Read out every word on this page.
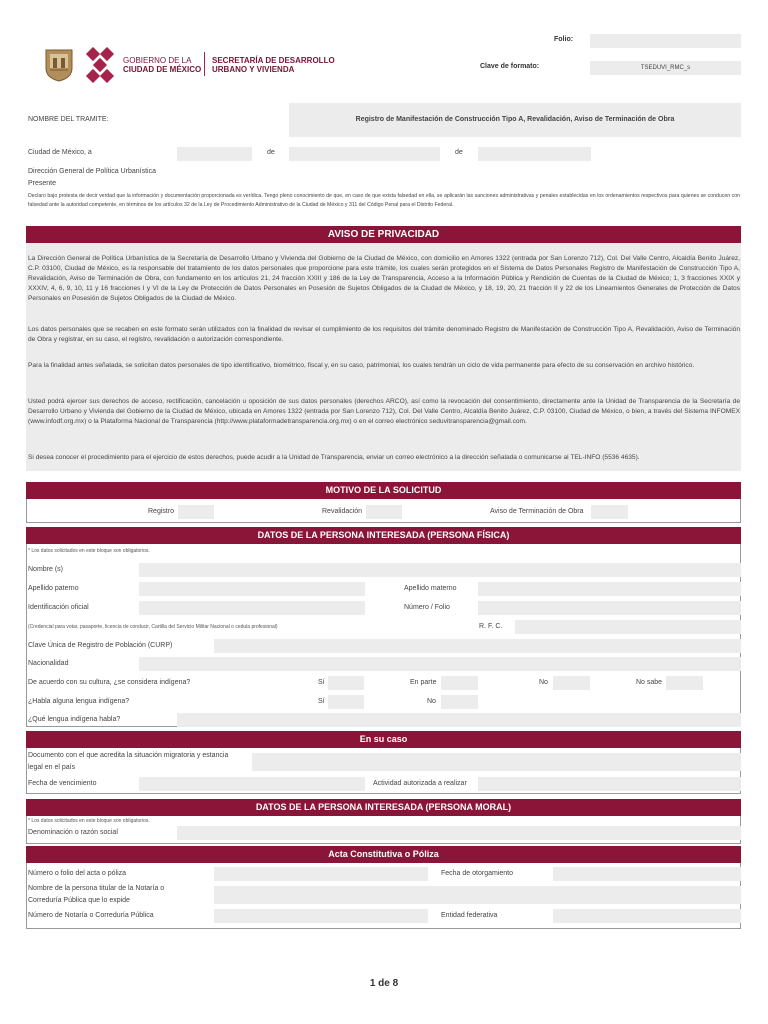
GOBIERNO DE LA
CIUDAD DE MÉXICO
SECRETARÍA DE DESARROLLO
URBANO Y VIVIENDA
Folio:
Clave de formato:	TSEDUVI_RMC_s
NOMBRE DEL TRAMITE:	Registro de Manifestación de Construcción Tipo A, Revalidación, Aviso de Terminación de Obra
Ciudad de México, a	de	de
Dirección General de Política Urbanística
Presente
Declaro bajo protesta de decir verdad que la información y documentación proporcionada es verídica. Tengo pleno conocimiento de que, en caso de que exista falsedad en ella, se aplicarán las sanciones administrativas y penales establecidas en los ordenamientos respectivos para quienes se conducen con falsedad ante la autoridad competente, en términos de los artículos 32 de la Ley de Procedimiento Administrativo de la Ciudad de México y 311 del Código Penal para el Distrito Federal.
AVISO DE PRIVACIDAD
La Dirección General de Política Urbanística de la Secretaría de Desarrollo Urbano y Vivienda del Gobierno de la Ciudad de México, con domicilio en Amores 1322 (entrada por San Lorenzo 712), Col. Del Valle Centro, Alcaldía Benito Juárez, C.P. 03100, Ciudad de México, es la responsable del tratamiento de los datos personales que proporcione para este trámite, los cuales serán protegidos en el Sistema de Datos Personales Registro de Manifestación de Construcción Tipo A, Revalidación, Aviso de Terminación de Obra, con fundamento en los artículos 21, 24 fracción XXIII y 186 de la Ley de Transparencia, Acceso a la Información Pública y Rendición de Cuentas de la Ciudad de México; 1, 3 fracciones XXIX y XXXIV, 4, 6, 9, 10, 11 y 16 fracciones I y VI de la Ley de Protección de Datos Personales en Posesión de Sujetos Obligados de la Ciudad de México, y 18, 19, 20, 21 fracción II y 22 de los Lineamientos Generales de Protección de Datos Personales en Posesión de Sujetos Obligados de la Ciudad de México.
Los datos personales que se recaben en este formato serán utilizados con la finalidad de revisar el cumplimiento de los requisitos del trámite denominado Registro de Manifestación de Construcción Tipo A, Revalidación, Aviso de Terminación de Obra y registrar, en su caso, el registro, revalidación o autorización correspondiente.
Para la finalidad antes señalada, se solicitan datos personales de tipo identificativo, biométrico, fiscal y, en su caso, patrimonial, los cuales tendrán un ciclo de vida permanente para efecto de su conservación en archivo histórico.
Usted podrá ejercer sus derechos de acceso, rectificación, cancelación u oposición de sus datos personales (derechos ARCO), así como la revocación del consentimiento, directamente ante la Unidad de Transparencia de la Secretaría de Desarrollo Urbano y Vivienda del Gobierno de la Ciudad de México, ubicada en Amores 1322 (entrada por San Lorenzo 712), Col. Del Valle Centro, Alcaldía Benito Juárez, C.P. 03100, Ciudad de México, o bien, a través del Sistema INFOMEX (www.infodf.org.mx) o la Plataforma Nacional de Transparencia (http://www.plataformadetransparencia.org.mx) o en el correo electrónico seduvitransparencia@gmail.com.
Si desea conocer el procedimiento para el ejercicio de estos derechos, puede acudir a la Unidad de Transparencia, enviar un correo electrónico a la dirección señalada o comunicarse al TEL-INFO (5536 4635).
MOTIVO DE LA SOLICITUD
Registro	Revalidación	Aviso de Terminación de Obra
DATOS DE LA PERSONA INTERESADA (PERSONA FÍSICA)
* Los datos solicitados en este bloque son obligatorios.
Nombre (s)
Apellido paterno	Apellido materno
Identificación oficial	Número / Folio
(Credencial para votar, pasaporte, licencia de conducir, Cartilla del Servicio Militar Nacional o cedula profesional)	R. F. C.
Clave Única de Registro de Población (CURP)
Nacionalidad
De acuerdo con su cultura, ¿se considera indígena?	Sí	En parte	No	No sabe
¿Habla alguna lengua indígena?	Sí	No
¿Qué lengua indígena habla?
En su caso
Documento con el que acredita la situación migratoria y estancia
legal en el país
Fecha de vencimiento	Actividad autorizada a realizar
DATOS DE LA PERSONA INTERESADA (PERSONA MORAL)
* Los datos solicitados en este bloque son obligatorios.
Denominación o razón social
Acta Constitutiva o Póliza
Número o folio del acta o póliza	Fecha de otorgamiento
Nombre de la persona titular de la Notaría o
Correduría Pública que lo expide
Número de Notaría o Correduría Pública	Entidad federativa
1 de 8
